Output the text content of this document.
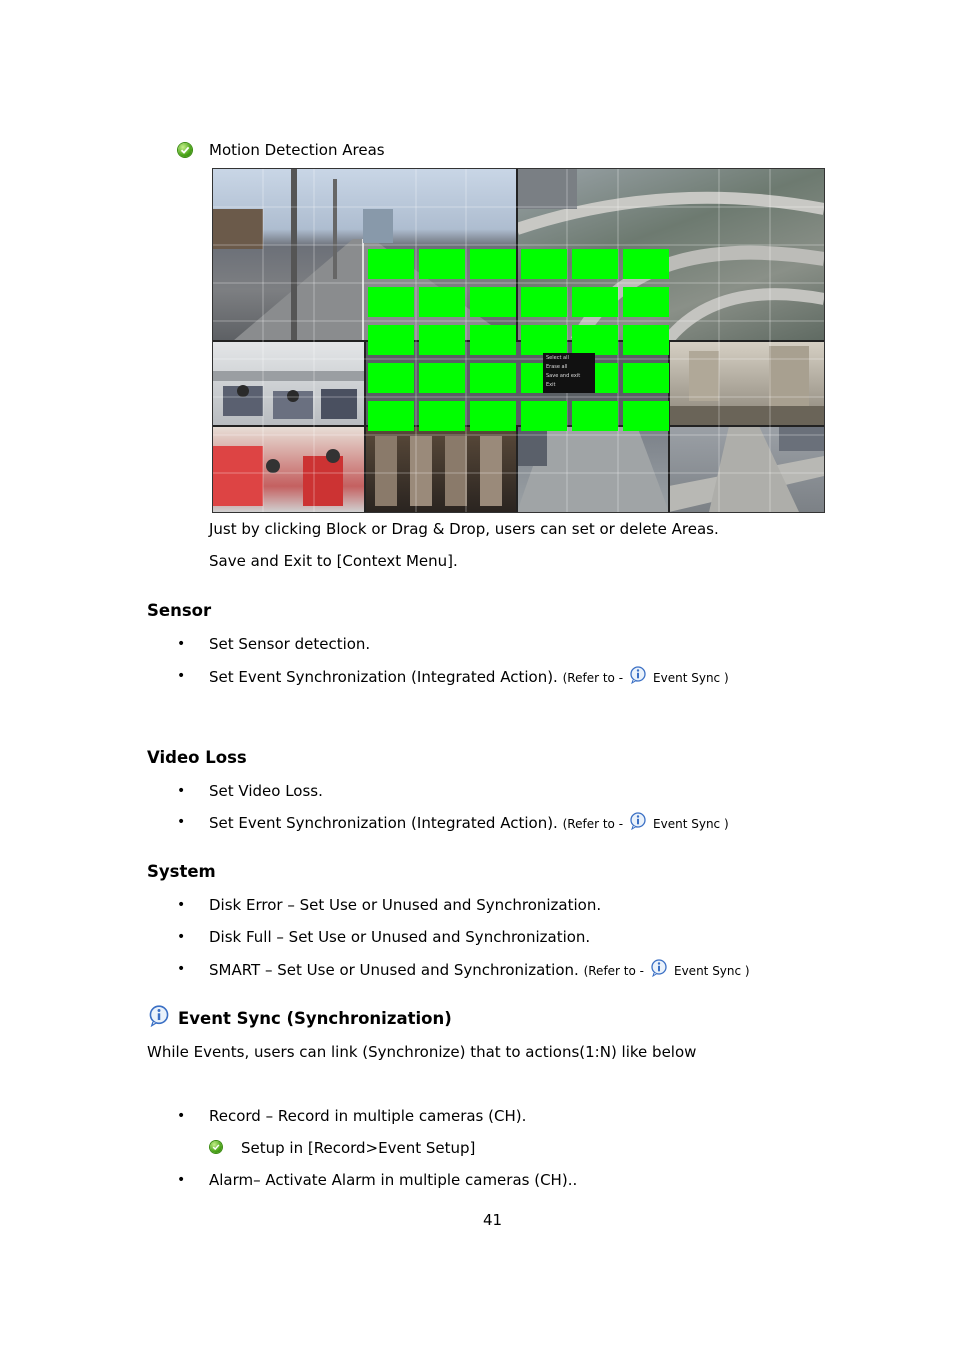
Motion Detection Areas
Select all
Erase all
Save and exit
Exit
Just by clicking Block or Drag & Drop, users can set or delete Areas.
Save and Exit to [Context Menu].
Sensor
• Set Sensor detection.
• Set Event Synchronization (Integrated Action). (Refer to -	Event Sync )
Video Loss
• Set Video Loss.
• Set Event Synchronization (Integrated Action). (Refer to -	Event Sync )
System
• Disk Error – Set Use or Unused and Synchronization.
• Disk Full – Set Use or Unused and Synchronization.
• SMART – Set Use or Unused and Synchronization. (Refer to -	Event Sync )
Event Sync (Synchronization)
While Events, users can link (Synchronize) that to actions(1:N) like below
• Record – Record in multiple cameras (CH).
Setup in [Record>Event Setup]
• Alarm– Activate Alarm in multiple cameras (CH)..
41
